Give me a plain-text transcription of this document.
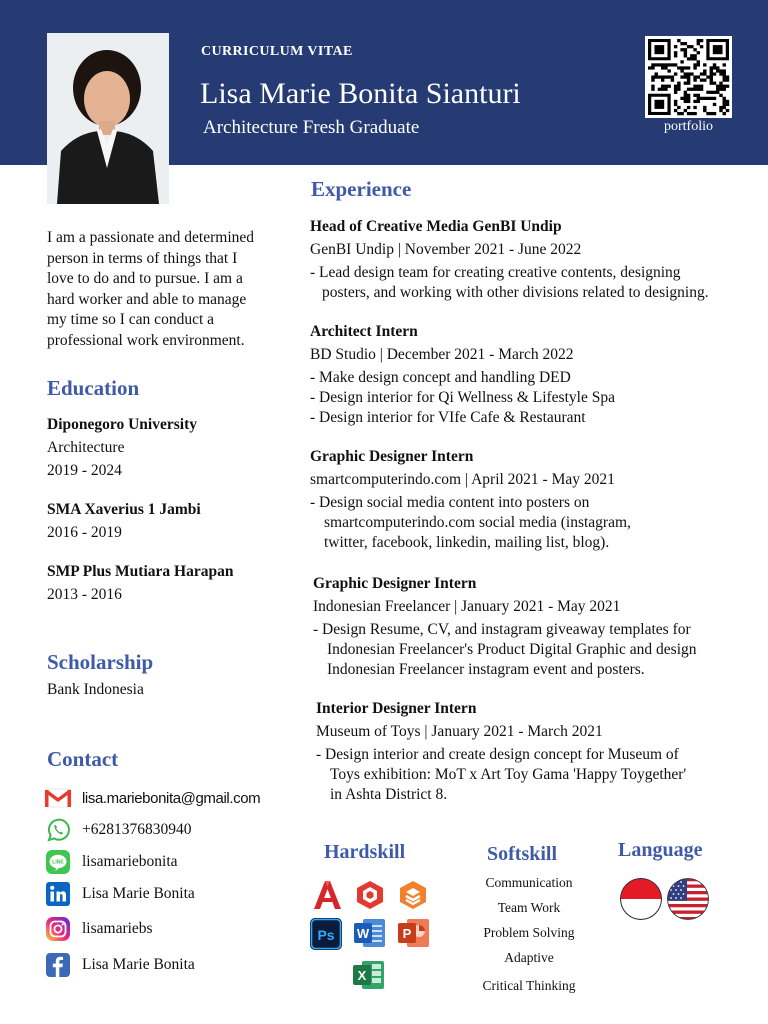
CURRICULUM VITAE
Lisa Marie Bonita Sianturi
Architecture Fresh Graduate	portfolio
I am a passionate and determined
person in terms of things that I
love to do and to pursue. I am a
hard worker and able to manage
my time so I can conduct a
professional work environment.
Education
Diponegoro University
Architecture
2019 - 2024
SMA Xaverius 1 Jambi
2016 - 2019
SMP Plus Mutiara Harapan
2013 - 2016
Scholarship
Bank Indonesia
Contact
lisa.mariebonita@gmail.com
+6281376830940
LINE lisamariebonita
Lisa Marie Bonita
lisamariebs
Lisa Marie Bonita
Experience
Head of Creative Media GenBI Undip
GenBI Undip | November 2021 - June 2022
- Lead design team for creating creative contents, designing
posters, and working with other divisions related to designing.
Architect Intern
BD Studio | December 2021 - March 2022
- Make design concept and handling DED
- Design interior for Qi Wellness & Lifestyle Spa
- Design interior for VIfe Cafe & Restaurant
Graphic Designer Intern
smartcomputerindo.com | April 2021 - May 2021
- Design social media content into posters on
smartcomputerindo.com social media (instagram,
twitter, facebook, linkedin, mailing list, blog).
Graphic Designer Intern
Indonesian Freelancer | January 2021 - May 2021
- Design Resume, CV, and instagram giveaway templates for
Indonesian Freelancer's Product Digital Graphic and design
Indonesian Freelancer instagram event and posters.
Interior Designer Intern
Museum of Toys | January 2021 - March 2021
- Design interior and create design concept for Museum of
Toys exhibition: MoT x Art Toy Gama 'Happy Toygether'
in Ashta District 8.
Hardskill
Ps W	P
X
Softskill
Communication
Team Work
Problem Solving
Adaptive
Critical Thinking
Language
